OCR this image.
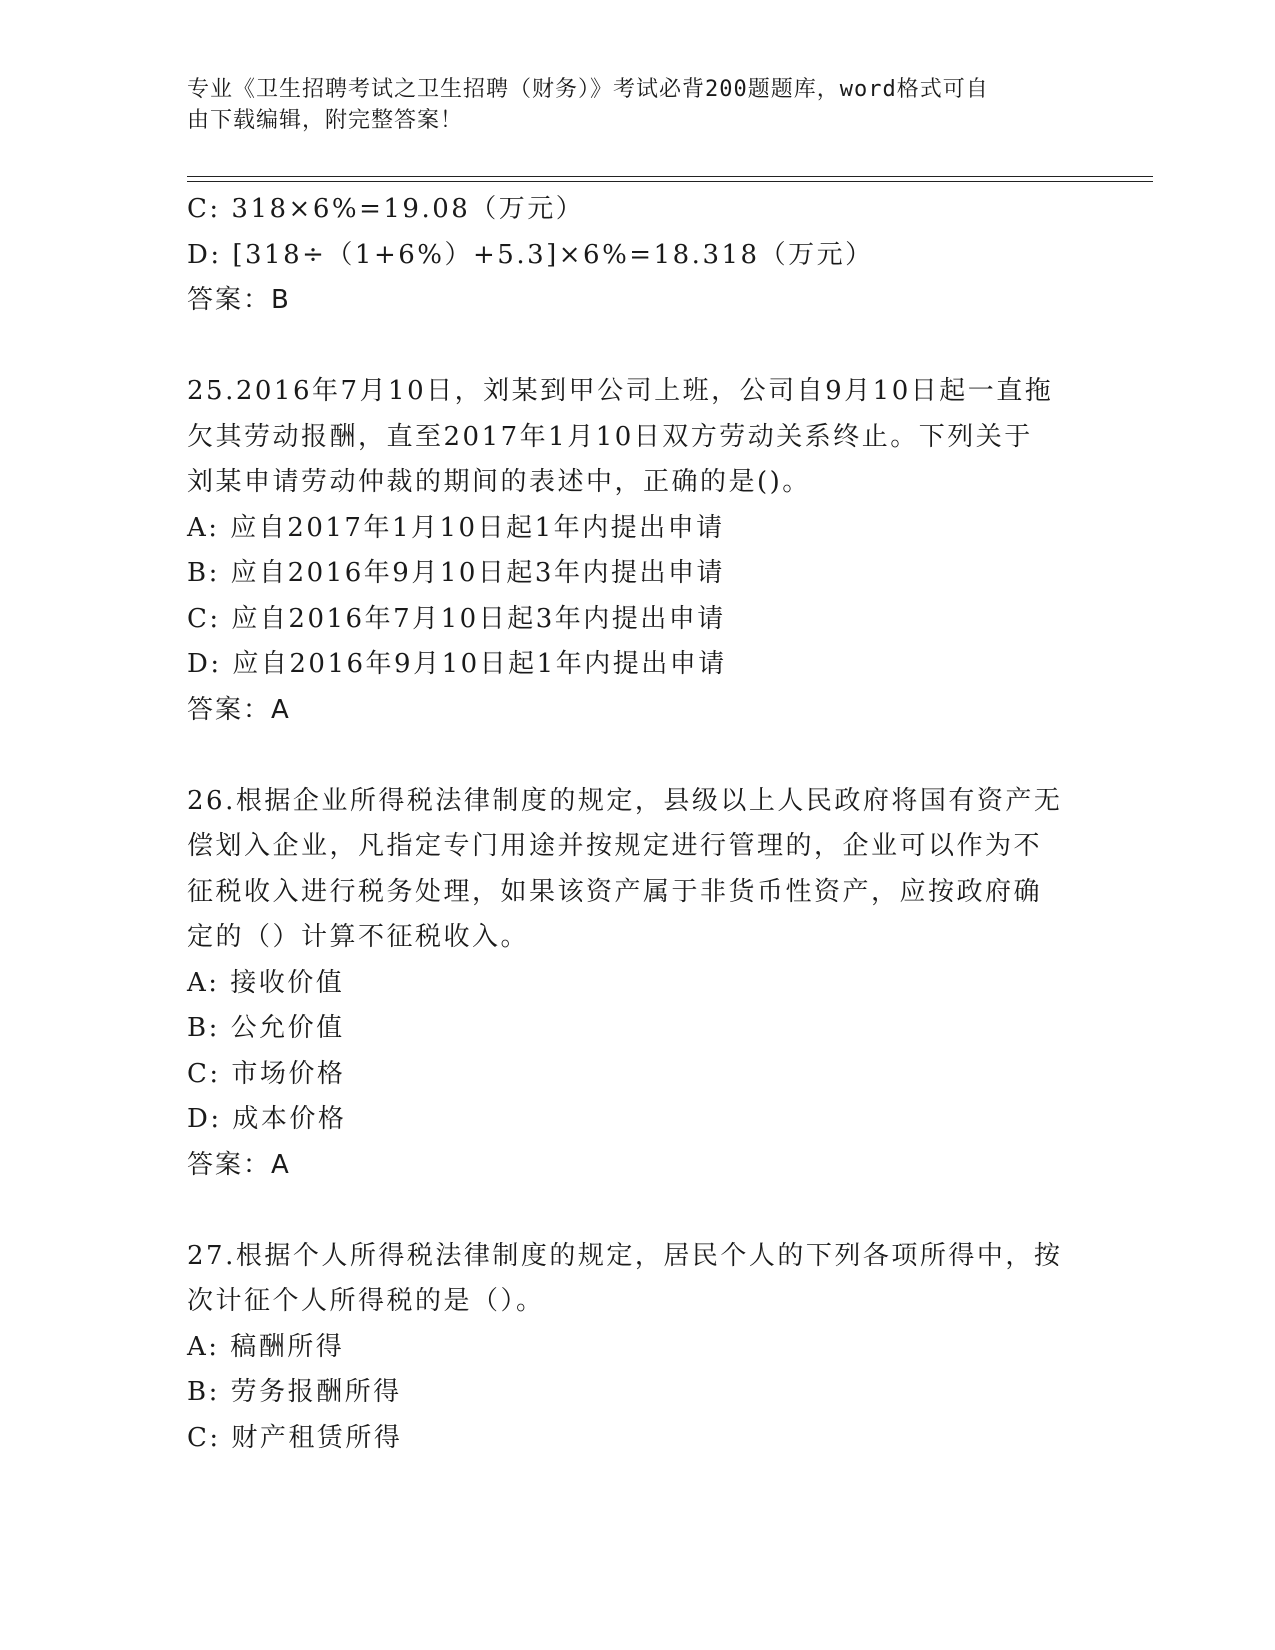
专业《卫生招聘考试之卫生招聘（财务）》考试必背200题题库，word格式可自
由下载编辑，附完整答案！
C: 318×6%=19.08（万元）
D: [318÷（1+6%）+5.3]×6%=18.318（万元）
答案：B
25.2016年7月10日，刘某到甲公司上班，公司自9月10日起一直拖
欠其劳动报酬，直至2017年1月10日双方劳动关系终止。下列关于
刘某申请劳动仲裁的期间的表述中，正确的是()。
A: 应自2017年1月10日起1年内提出申请
B: 应自2016年9月10日起3年内提出申请
C: 应自2016年7月10日起3年内提出申请
D: 应自2016年9月10日起1年内提出申请
答案：A
26.根据企业所得税法律制度的规定，县级以上人民政府将国有资产无
偿划入企业，凡指定专门用途并按规定进行管理的，企业可以作为不
征税收入进行税务处理，如果该资产属于非货币性资产，应按政府确
定的（）计算不征税收入。
A: 接收价值
B: 公允价值
C: 市场价格
D: 成本价格
答案：A
27.根据个人所得税法律制度的规定，居民个人的下列各项所得中，按
次计征个人所得税的是（）。
A: 稿酬所得
B: 劳务报酬所得
C: 财产租赁所得
